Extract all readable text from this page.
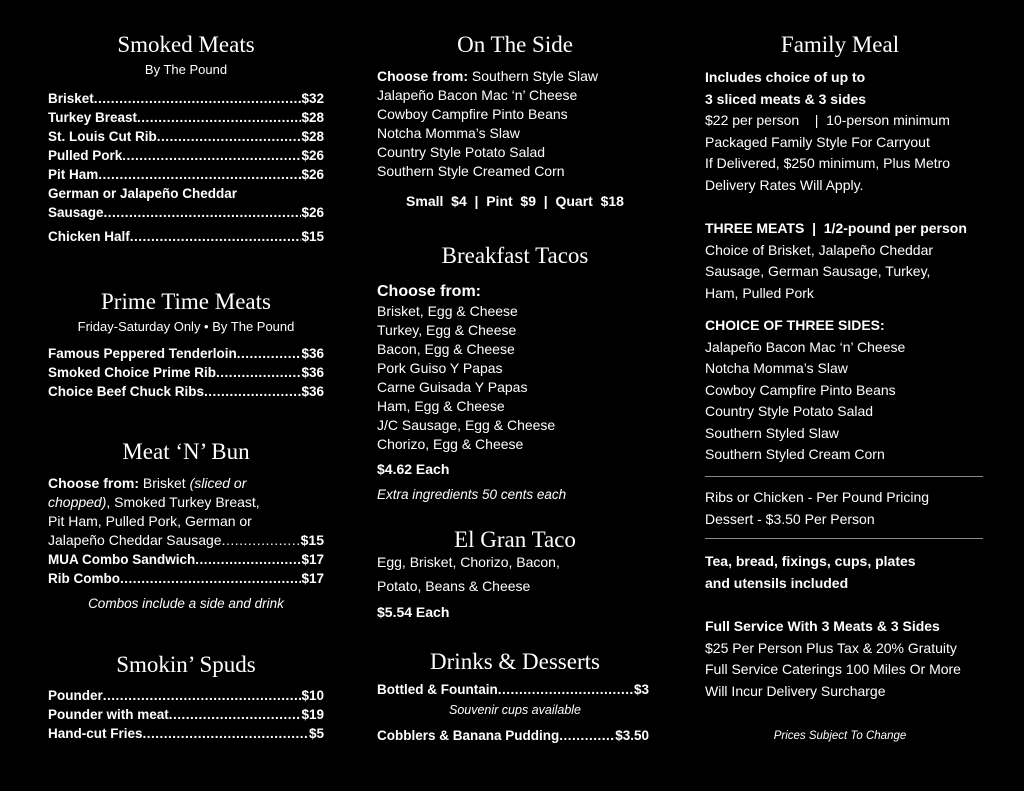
Smoked Meats
By The Pound
Brisket .....	$32
Turkey Breast .....	$28
St. Louis Cut Rib .....	$28
Pulled Pork .....	$26
Pit Ham .....	$26
German or Jalapeño Cheddar
Sausage .....	$26
Chicken Half .....	$15
Prime Time Meats
Friday-Saturday Only • By The Pound
Famous Peppered Tenderloin .....	$36
Smoked Choice Prime Rib .....	$36
Choice Beef Chuck Ribs .....	$36
Meat ‘N’ Bun
Choose from: Brisket (sliced or
chopped), Smoked Turkey Breast,
Pit Ham, Pulled Pork, German or
Jalapeño Cheddar Sausage .....	$15
MUA Combo Sandwich .....	$17
Rib Combo .....	$17
Combos include a side and drink
Smokin’ Spuds
Pounder .....	$10
Pounder with meat .....	$19
Hand-cut Fries .....	$5
On The Side
Choose from: Southern Style Slaw
Jalapeño Bacon Mac ‘n’ Cheese
Cowboy Campfire Pinto Beans
Notcha Momma’s Slaw
Country Style Potato Salad
Southern Style Creamed Corn
Small  $4  |  Pint  $9  |  Quart  $18
Breakfast Tacos
Choose from:
Brisket, Egg & Cheese
Turkey, Egg & Cheese
Bacon, Egg & Cheese
Pork Guiso Y Papas
Carne Guisada Y Papas
Ham, Egg & Cheese
J/C Sausage, Egg & Cheese
Chorizo, Egg & Cheese
$4.62 Each
Extra ingredients 50 cents each
El Gran Taco
Egg, Brisket, Chorizo, Bacon,
Potato, Beans & Cheese
$5.54 Each
Drinks & Desserts
Bottled & Fountain .....	$3
Souvenir cups available
Cobblers & Banana Pudding .....	$3.50
Family Meal
Includes choice of up to
3 sliced meats & 3 sides
$22 per person    |  10-person minimum
Packaged Family Style For Carryout
If Delivered, $250 minimum, Plus Metro
Delivery Rates Will Apply.
THREE MEATS  |  1/2-pound per person
Choice of Brisket, Jalapeño Cheddar
Sausage, German Sausage, Turkey,
Ham, Pulled Pork
CHOICE OF THREE SIDES:
Jalapeño Bacon Mac ‘n’ Cheese
Notcha Momma’s Slaw
Cowboy Campfire Pinto Beans
Country Style Potato Salad
Southern Styled Slaw
Southern Styled Cream Corn
Ribs or Chicken - Per Pound Pricing
Dessert - $3.50 Per Person
Tea, bread, fixings, cups, plates
and utensils included
Full Service With 3 Meats & 3 Sides
$25 Per Person Plus Tax & 20% Gratuity
Full Service Caterings 100 Miles Or More
Will Incur Delivery Surcharge
Prices Subject To Change
